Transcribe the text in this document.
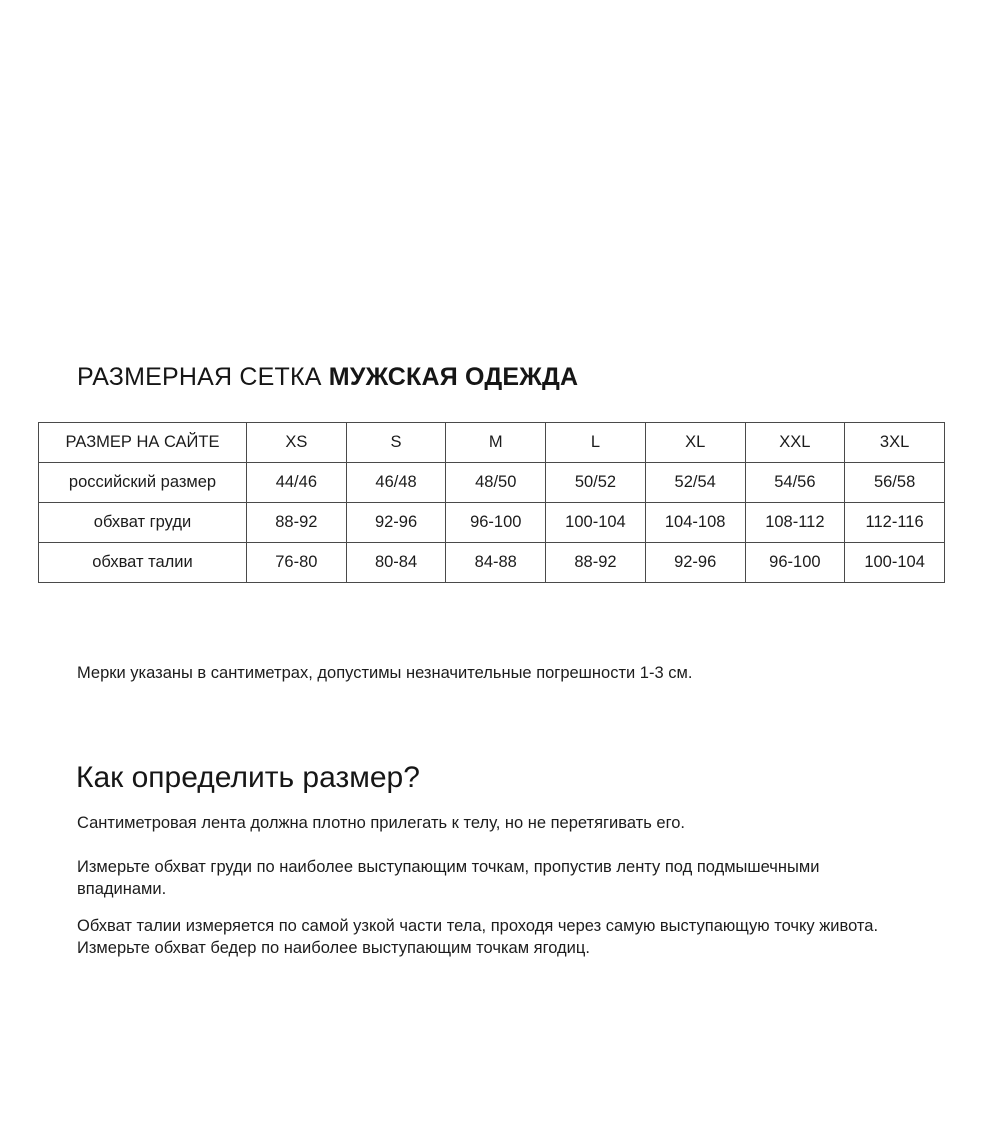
РАЗМЕРНАЯ СЕТКА МУЖСКАЯ ОДЕЖДА
РАЗМЕР НА САЙТЕ	XS	S	M	L	XL	XXL	3XL
российский размер	44/46	46/48	48/50	50/52	52/54	54/56	56/58
обхват груди	88-92	92-96	96-100	100-104	104-108	108-112	112-116
обхват талии	76-80	80-84	84-88	88-92	92-96	96-100	100-104
Мерки указаны в сантиметрах, допустимы незначительные погрешности 1-3 см.
Как определить размер?

Сантиметровая лента должна плотно прилегать к телу, но не перетягивать его.

Измерьте обхват груди по наиболее выступающим точкам, пропустив ленту под подмышечными впадинами.

Обхват талии измеряется по самой узкой части тела, проходя через самую выступающую точку живота. Измерьте обхват бедер по наиболее выступающим точкам ягодиц.
